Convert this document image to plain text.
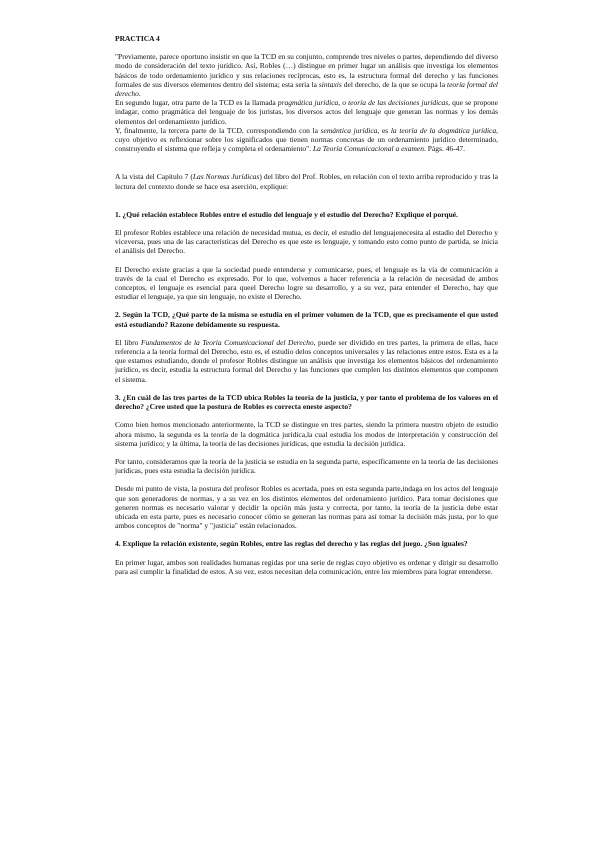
PRACTICA 4

"Previamente, parece oportuno insistir en que la TCD en su conjunto, comprende tres niveles o partes, dependiendo del diverso modo de consideración del texto jurídico. Así, Robles (…) distingue en primer lugar un análisis que investiga los elementos básicos de todo ordenamiento jurídico y sus relaciones recíprocas, esto es, la estructura formal del derecho y las funciones formales de sus diversos elementos dentro del sistema; esta sería la sintaxis del derecho, de la que se ocupa la teoría formal del derecho.

En segundo lugar, otra parte de la TCD es la llamada pragmática jurídica, o teoría de las decisiones jurídicas, que se propone indagar, como pragmática del lenguaje de los juristas, los diversos actos del lenguaje que generan las normas y los demás elementos del ordenamiento jurídico.

Y, finalmente, la tercera parte de la TCD, correspondiendo con la semántica jurídica, es la teoría de la dogmática jurídica, cuyo objetivo es reflexionar sobre los significados que tienen normas concretas de un ordenamiento jurídico determinado, construyendo el sistema que refleja y completa el ordenamiento". La Teoría Comunicacional a examen. Págs. 46-47.

A la vista del Capítulo 7 (Las Normas Jurídicas) del libro del Prof. Robles, en relación con el texto arriba reproducido y tras la lectura del contexto donde se hace esa aserción, explique:

1. ¿Qué relación establece Robles entre el estudio del lenguaje y el estudio del Derecho? Explique el porqué.

El profesor Robles establece una relación de necesidad mutua, es decir, el estudio del lenguajenecesita al estadio del Derecho y viceversa, pues una de las características del Derecho es que este es lenguaje, y tomando esto como punto de partida, se inicia el análisis del Derecho.

El Derecho existe gracias a que la sociedad puede entenderse y comunicarse, pues, el lenguaje es la vía de comunicación a través de la cual el Derecho es expresado. Por lo que, volvemos a hacer referencia a la relación de necesidad de ambos conceptos, el lenguaje es esencial para queel Derecho logre su desarrollo, y a su vez, para entender el Derecho, hay que estudiar el lenguaje, ya que sin lenguaje, no existe el Derecho.

2. Según la TCD, ¿Qué parte de la misma se estudia en el primer volumen de la TCD, que es precisamente el que usted está estudiando? Razone debidamente su respuesta.

El libro Fundamentos de la Teoría Comunicacional del Derecho, puede ser dividido en tres partes, la primera de ellas, hace referencia a la teoría formal del Derecho, esto es, el estudio delos conceptos universales y las relaciones entre estos. Esta es a la que estamos estudiando, donde el profesor Robles distingue un análisis que investiga los elementos básicos del ordenamiento jurídico, es decir, estudia la estructura formal del Derecho y las funciones que cumplen los distintos elementos que componen el sistema.

3. ¿En cuál de las tres partes de la TCD ubica Robles la teoría de la justicia, y por tanto el problema de los valores en el derecho? ¿Cree usted que la postura de Robles es correcta eneste aspecto?

Como bien hemos mencionado anteriormente, la TCD se distingue en tres partes, siendo la primera nuestro objeto de estudio ahora mismo, la segunda es la teoría de la dogmática jurídica,la cual estudia los modos de interpretación y construcción del sistema jurídico; y la última, la teoría de las decisiones jurídicas, que estudia la decisión jurídica.

Por tanto, consideramos que la teoría de la justicia se estudia en la segunda parte, específicamente en la teoría de las decisiones jurídicas, pues esta estudia la decisión jurídica.

Desde mi punto de vista, la postura del profesor Robles es acertada, pues en esta segunda parte,indaga en los actos del lenguaje que son generadores de normas, y a su vez en los distintos elementos del ordenamiento jurídico. Para tomar decisiones que generen normas es necesario valorar y decidir la opción más justa y correcta, por tanto, la teoría de la justicia debe estar ubicada en esta parte, pues es necesario conocer cómo se generan las normas para así tomar la decisión más justa, por lo que ambos conceptos de "norma" y "justicia" están relacionados.

4. Explique la relación existente, según Robles, entre las reglas del derecho y las reglas del juego. ¿Son iguales?

En primer lugar, ambos son realidades humanas regidas por una serie de reglas cuyo objetivo es ordenar y dirigir su desarrollo para así cumplir la finalidad de estos. A su vez, estos necesitan dela comunicación, entre los miembros para lograr entenderse.
